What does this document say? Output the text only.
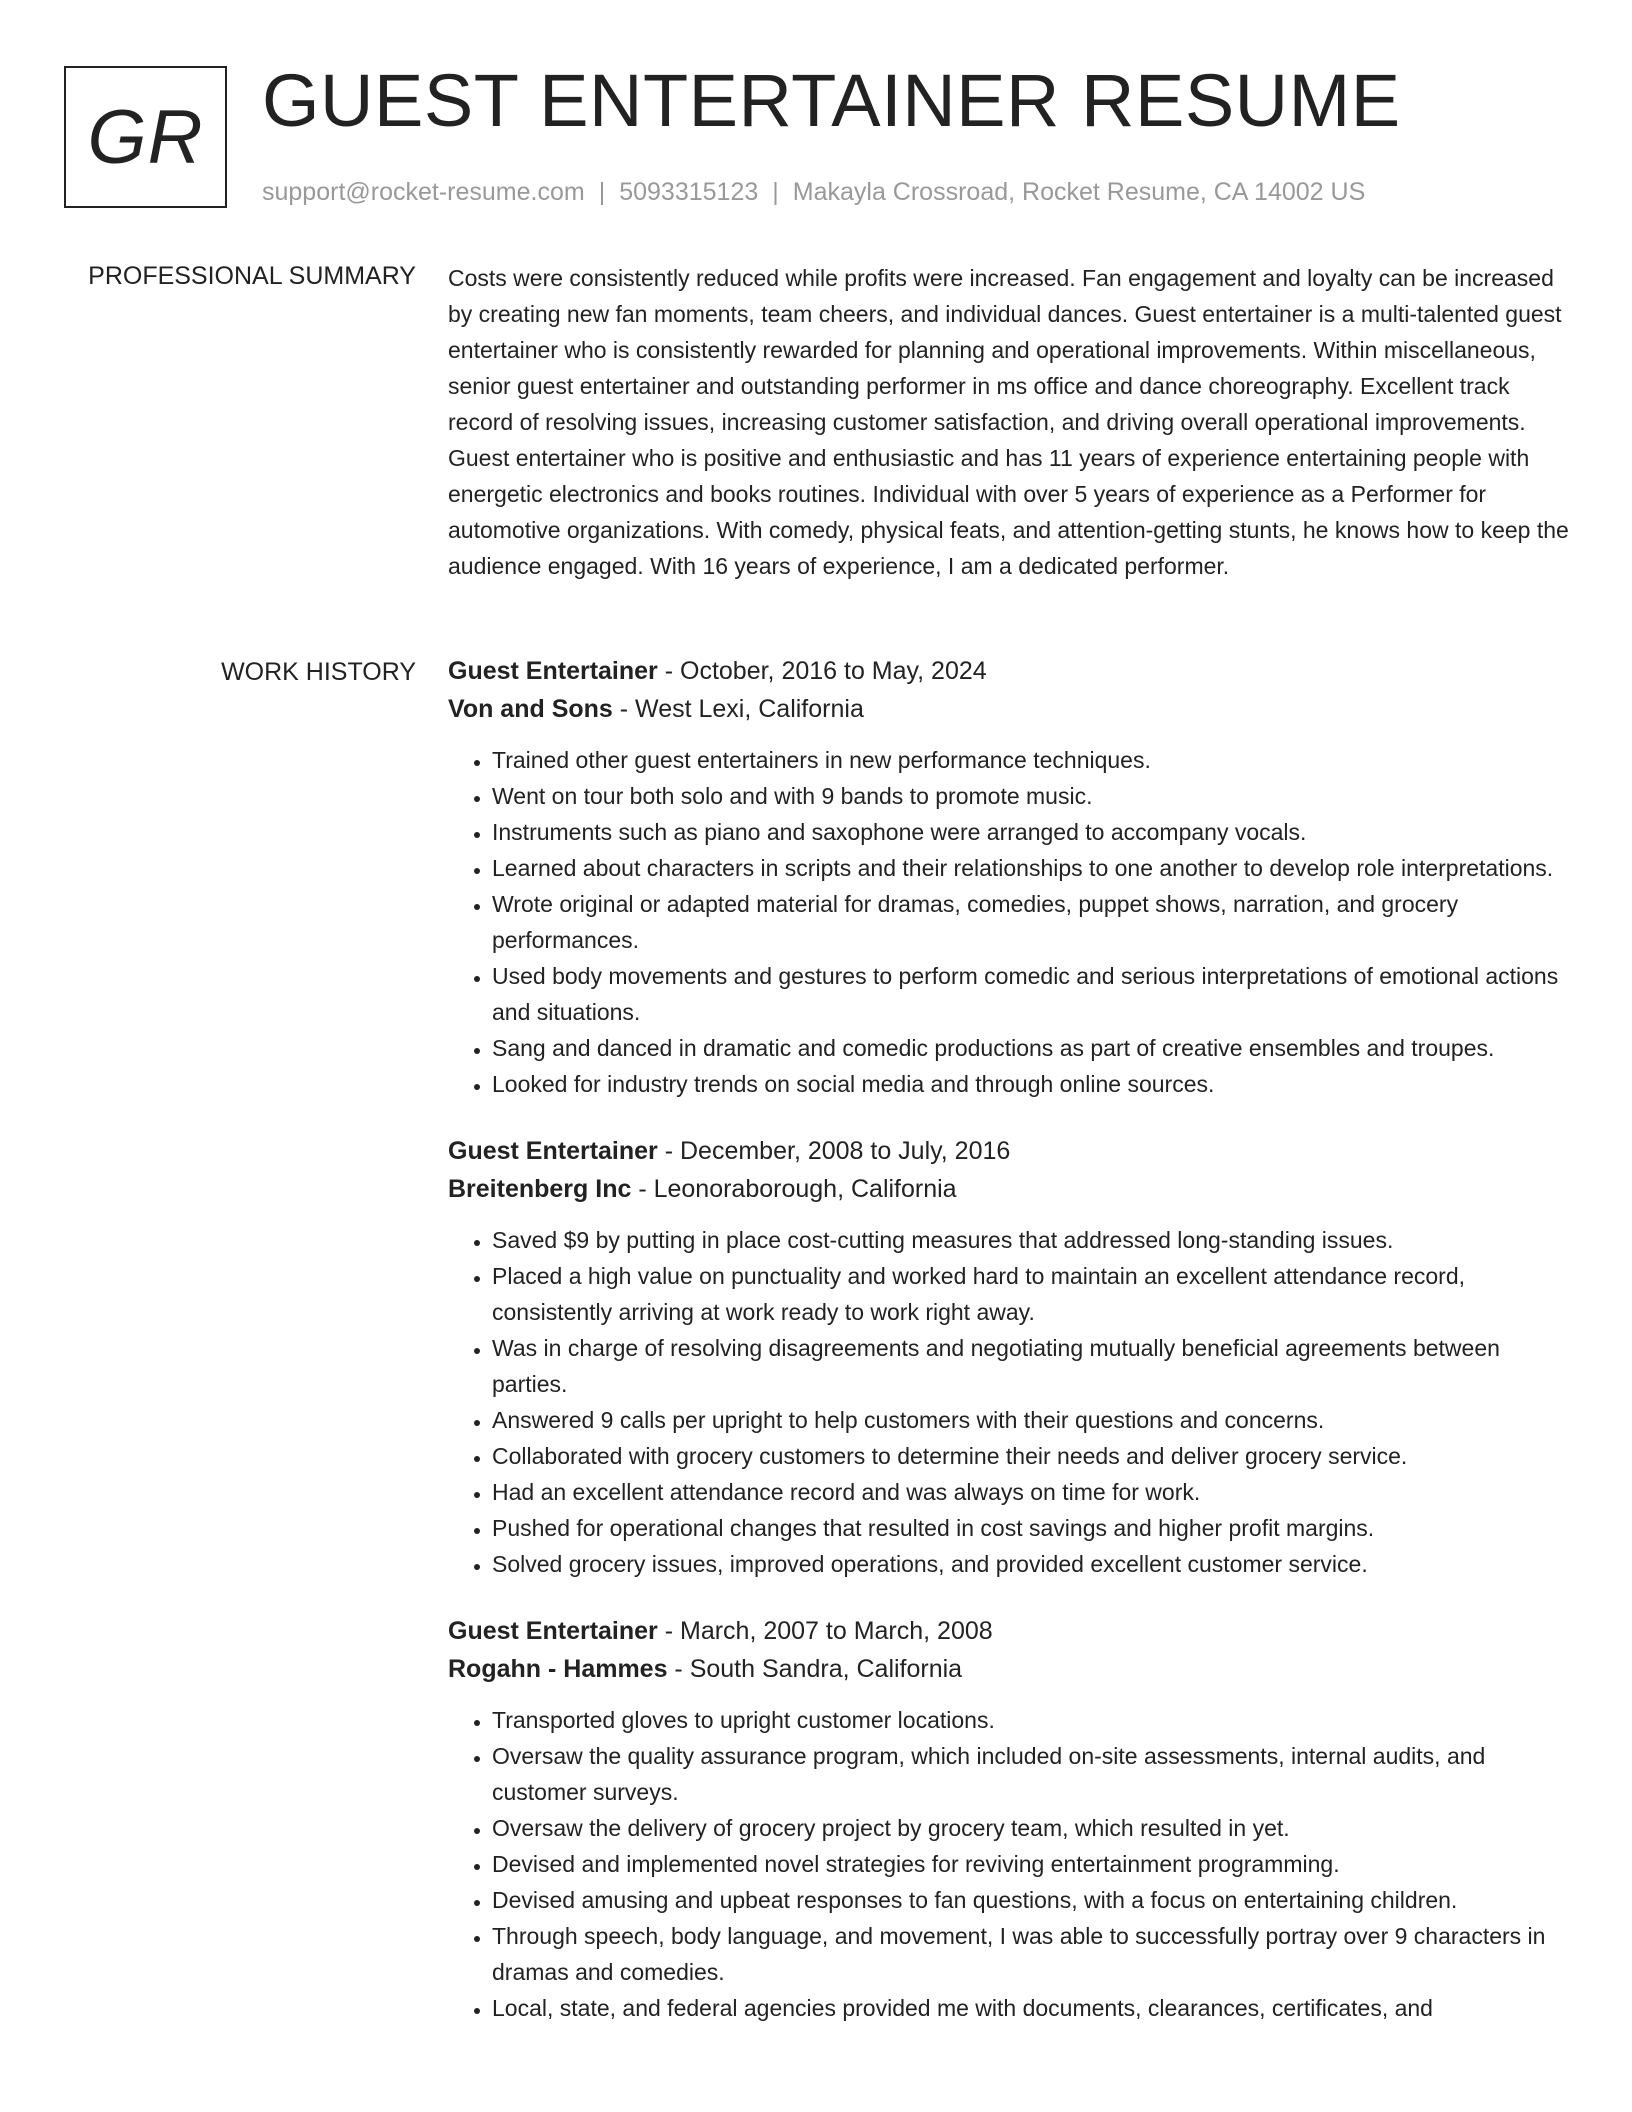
GR GUEST ENTERTAINER RESUME
support@rocket-resume.com | 5093315123 | Makayla Crossroad, Rocket Resume, CA 14002 US
PROFESSIONAL SUMMARY Costs were consistently reduced while profits were increased. Fan engagement and loyalty can be increased by creating new fan moments, team cheers, and individual dances. Guest entertainer is a multi-talented guest entertainer who is consistently rewarded for planning and operational improvements. Within miscellaneous, senior guest entertainer and outstanding performer in ms office and dance choreography. Excellent track record of resolving issues, increasing customer satisfaction, and driving overall operational improvements. Guest entertainer who is positive and enthusiastic and has 11 years of experience entertaining people with energetic electronics and books routines. Individual with over 5 years of experience as a Performer for automotive organizations. With comedy, physical feats, and attention-getting stunts, he knows how to keep the audience engaged. With 16 years of experience, I am a dedicated performer.

WORK HISTORY Guest Entertainer - October, 2016 to May, 2024
Von and Sons - West Lexi, California
• Trained other guest entertainers in new performance techniques.
• Went on tour both solo and with 9 bands to promote music.
• Instruments such as piano and saxophone were arranged to accompany vocals.
• Learned about characters in scripts and their relationships to one another to develop role interpretations.
• Wrote original or adapted material for dramas, comedies, puppet shows, narration, and grocery performances.
• Used body movements and gestures to perform comedic and serious interpretations of emotional actions and situations.
• Sang and danced in dramatic and comedic productions as part of creative ensembles and troupes.
• Looked for industry trends on social media and through online sources.
Guest Entertainer - December, 2008 to July, 2016
Breitenberg Inc - Leonoraborough, California
• Saved $9 by putting in place cost-cutting measures that addressed long-standing issues.
• Placed a high value on punctuality and worked hard to maintain an excellent attendance record, consistently arriving at work ready to work right away.
• Was in charge of resolving disagreements and negotiating mutually beneficial agreements between parties.
• Answered 9 calls per upright to help customers with their questions and concerns.
• Collaborated with grocery customers to determine their needs and deliver grocery service.
• Had an excellent attendance record and was always on time for work.
• Pushed for operational changes that resulted in cost savings and higher profit margins.
• Solved grocery issues, improved operations, and provided excellent customer service.
Guest Entertainer - March, 2007 to March, 2008
Rogahn - Hammes - South Sandra, California
• Transported gloves to upright customer locations.
• Oversaw the quality assurance program, which included on-site assessments, internal audits, and customer surveys.
• Oversaw the delivery of grocery project by grocery team, which resulted in yet.
• Devised and implemented novel strategies for reviving entertainment programming.
• Devised amusing and upbeat responses to fan questions, with a focus on entertaining children.
• Through speech, body language, and movement, I was able to successfully portray over 9 characters in dramas and comedies.
• Local, state, and federal agencies provided me with documents, clearances, certificates, and
